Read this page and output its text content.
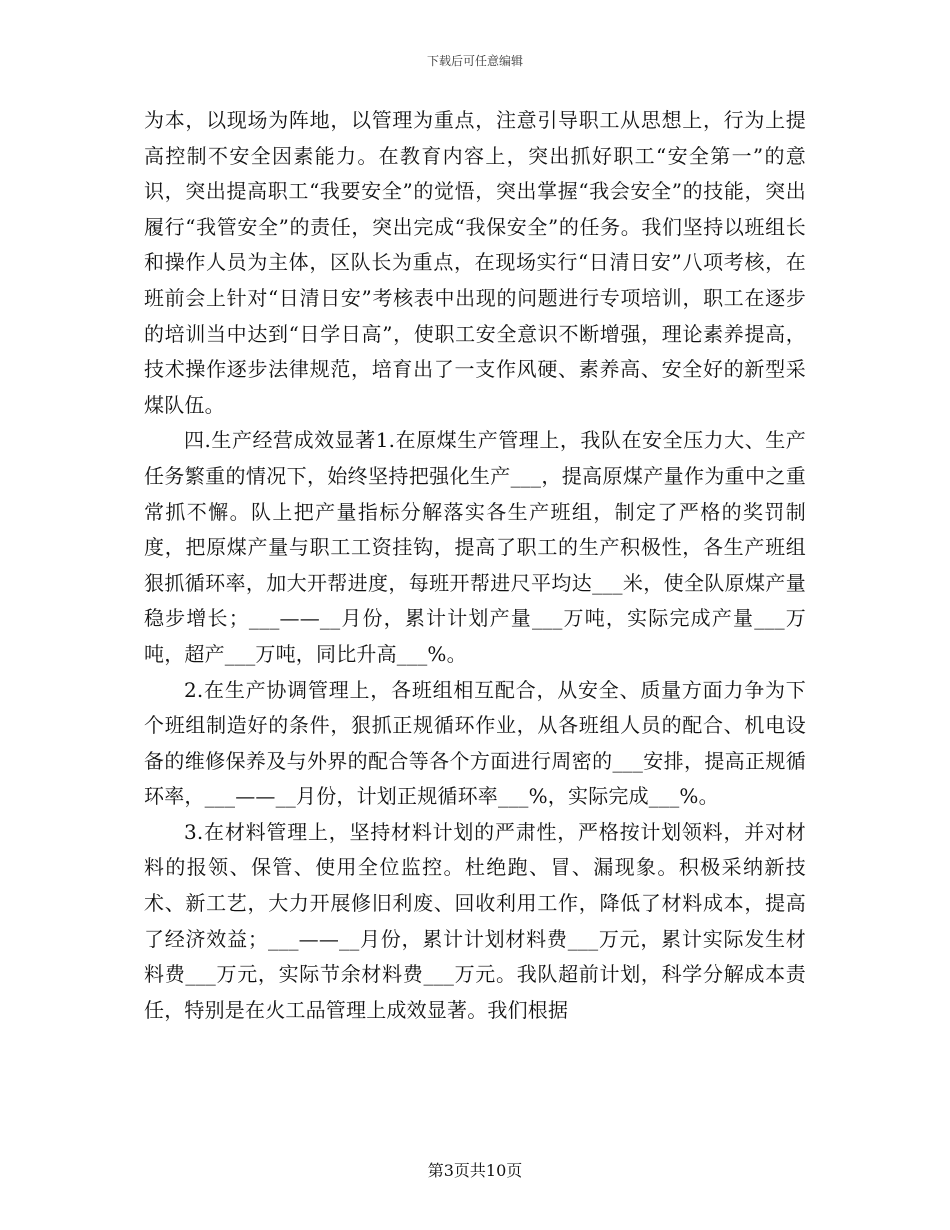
下载后可任意编辑

为本，以现场为阵地，以管理为重点，注意引导职工从思想上，行为上提高控制不安全因素能力。在教育内容上，突出抓好职工“安全第一”的意识，突出提高职工“我要安全”的觉悟，突出掌握“我会安全”的技能，突出履行“我管安全”的责任，突出完成“我保安全”的任务。我们坚持以班组长和操作人员为主体，区队长为重点，在现场实行“日清日安”八项考核，在班前会上针对“日清日安”考核表中出现的问题进行专项培训，职工在逐步的培训当中达到“日学日高”，使职工安全意识不断增强，理论素养提高，技术操作逐步法律规范，培育出了一支作风硬、素养高、安全好的新型采煤队伍。

四.生产经营成效显著1.在原煤生产管理上，我队在安全压力大、生产任务繁重的情况下，始终坚持把强化生产___，提高原煤产量作为重中之重常抓不懈。队上把产量指标分解落实各生产班组，制定了严格的奖罚制度，把原煤产量与职工工资挂钩，提高了职工的生产积极性，各生产班组狠抓循环率，加大开帮进度，每班开帮进尺平均达___米，使全队原煤产量稳步增长；___——__月份，累计计划产量___万吨，实际完成产量___万吨，超产___万吨，同比升高___%。

2.在生产协调管理上，各班组相互配合，从安全、质量方面力争为下个班组制造好的条件，狠抓正规循环作业，从各班组人员的配合、机电设备的维修保养及与外界的配合等各个方面进行周密的___安排，提高正规循环率，___——__月份，计划正规循环率___%，实际完成___%。

3.在材料管理上，坚持材料计划的严肃性，严格按计划领料，并对材料的报领、保管、使用全位监控。杜绝跑、冒、漏现象。积极采纳新技术、新工艺，大力开展修旧利废、回收利用工作，降低了材料成本，提高了经济效益；___——__月份，累计计划材料费___万元，累计实际发生材料费___万元，实际节余材料费___万元。我队超前计划，科学分解成本责任，特别是在火工品管理上成效显著。我们根据

第3页共10页
